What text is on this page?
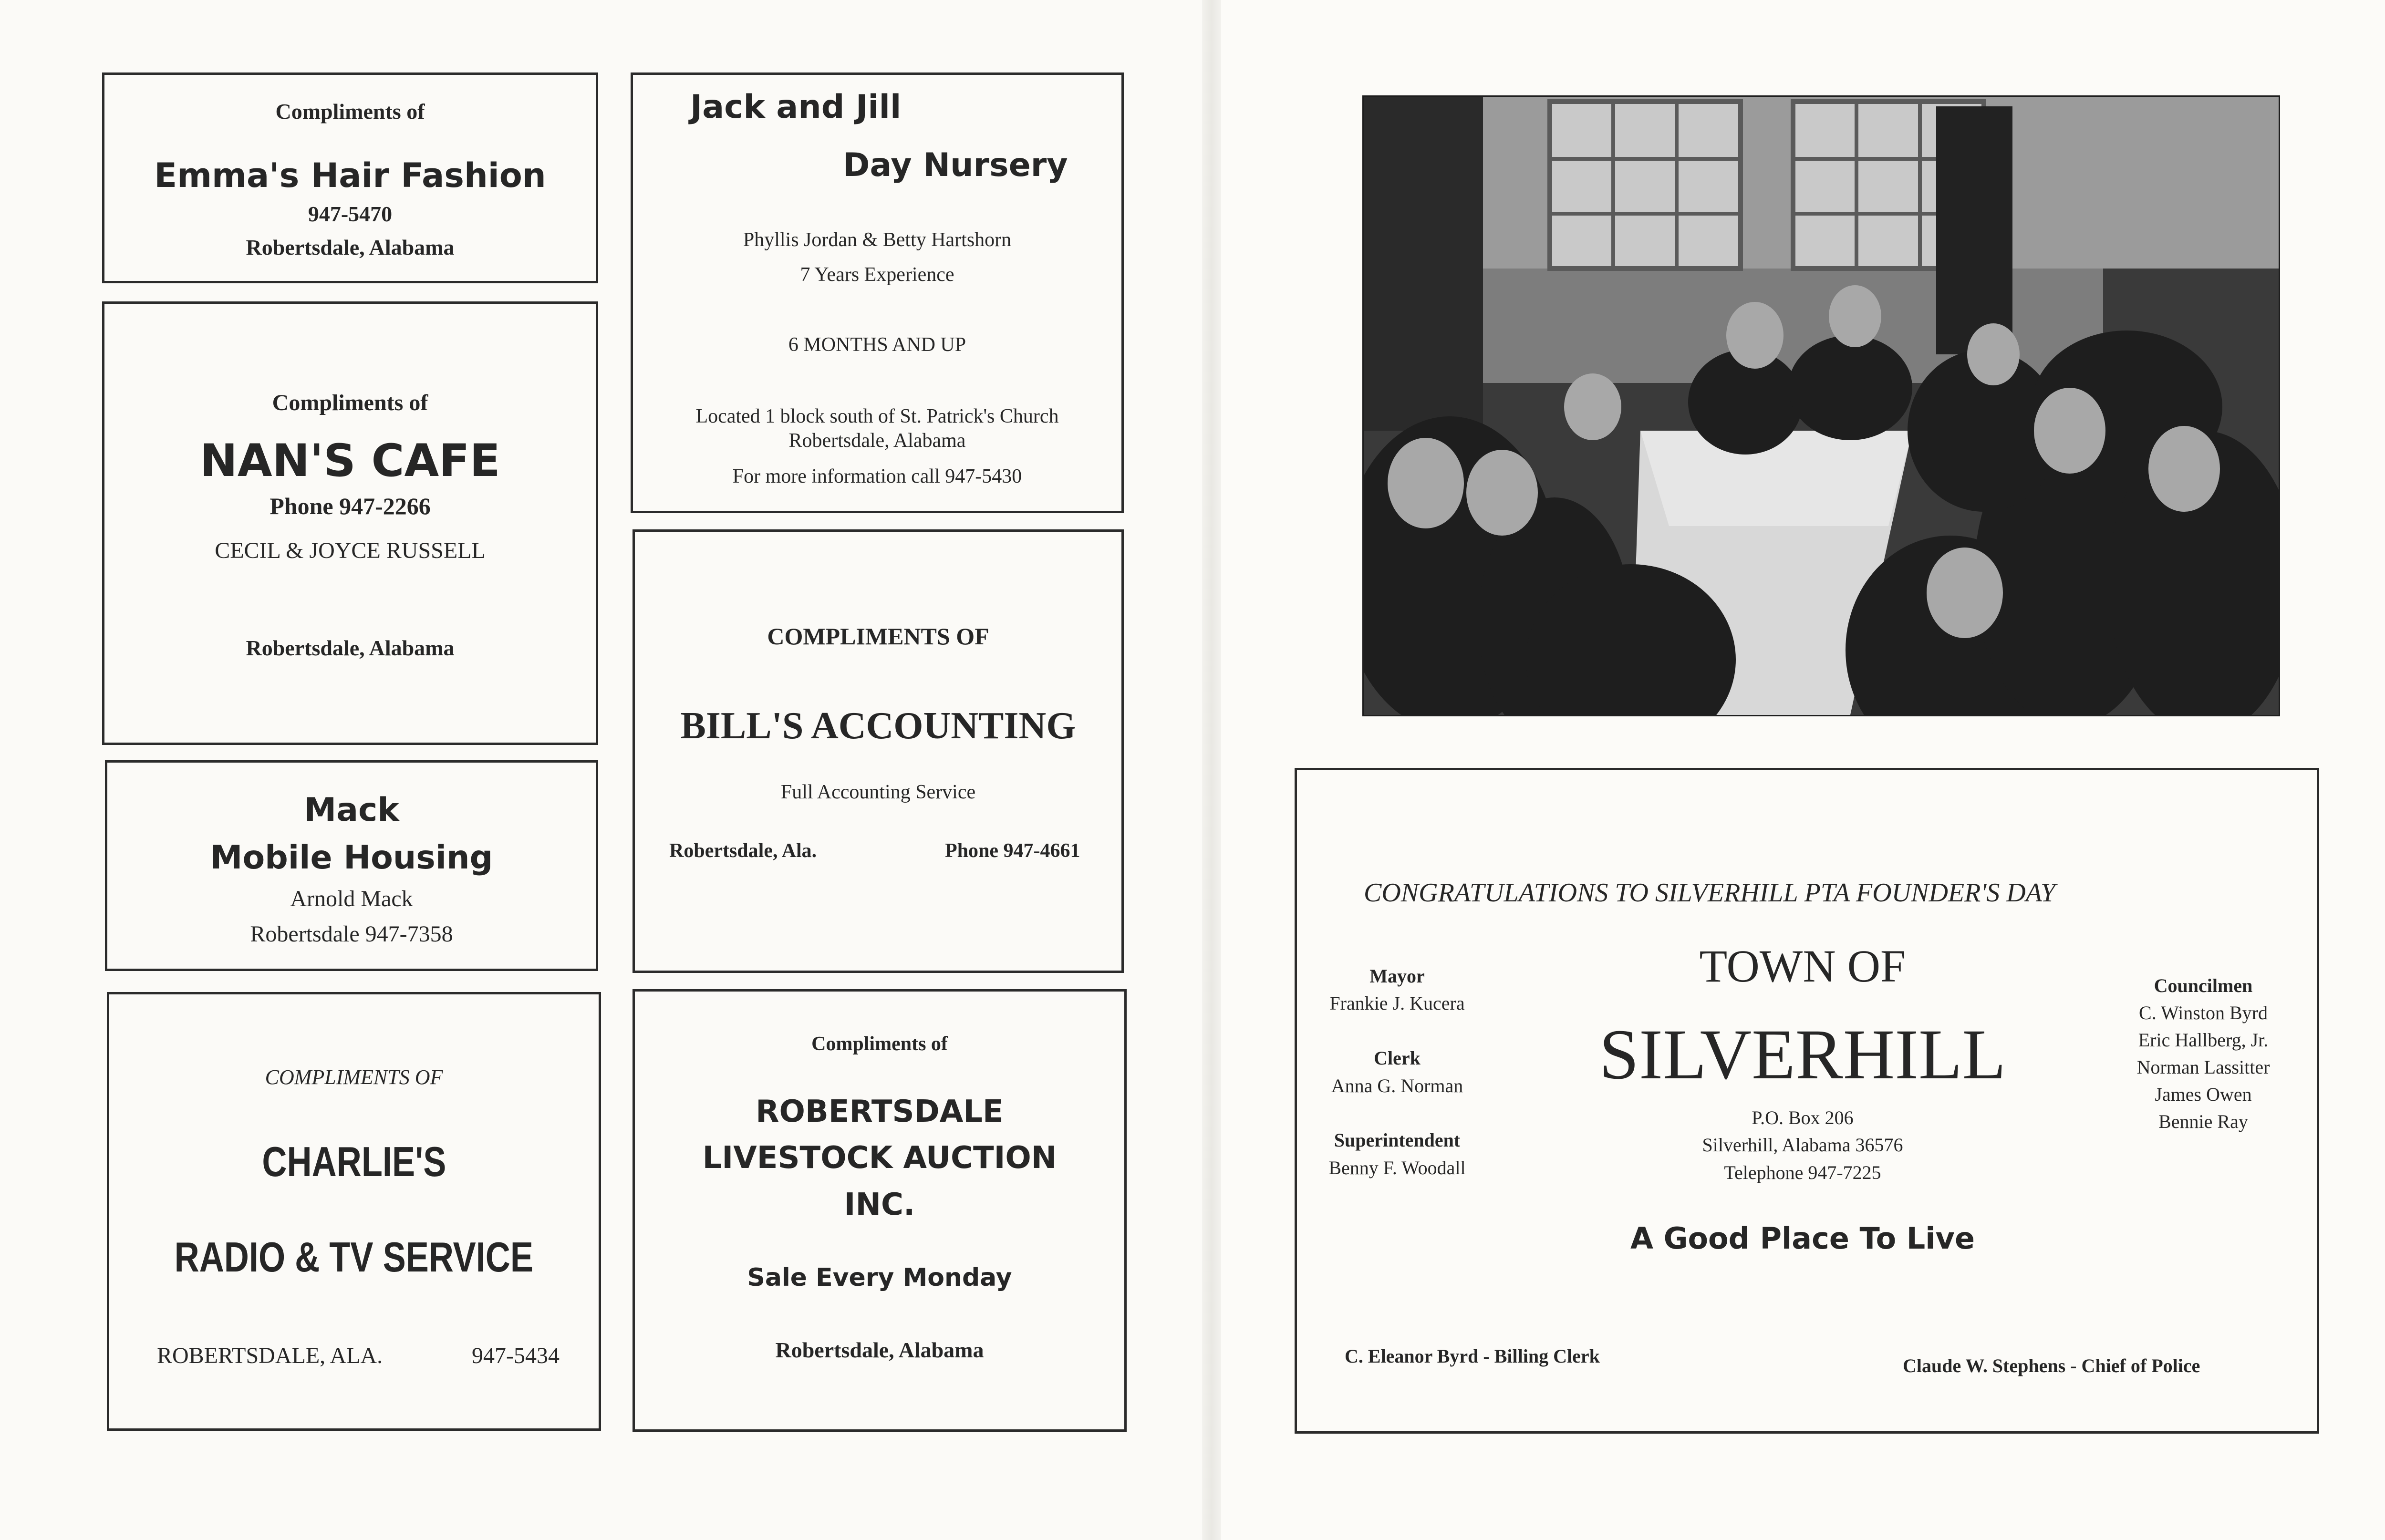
Compliments of
Emma's Hair Fashion
947-5470
Robertsdale, Alabama
Compliments of
NAN'S CAFE
Phone 947-2266
CECIL & JOYCE RUSSELL
Robertsdale, Alabama
Mack
Mobile Housing
Arnold Mack
Robertsdale 947-7358
COMPLIMENTS OF
CHARLIE'S
RADIO & TV SERVICE
ROBERTSDALE, ALA.	947-5434
Jack and Jill
Day Nursery
Phyllis Jordan & Betty Hartshorn
7 Years Experience
6 MONTHS AND UP
Located 1 block south of St. Patrick's Church
Robertsdale, Alabama
For more information call 947-5430
COMPLIMENTS OF
BILL'S ACCOUNTING
Full Accounting Service
Robertsdale, Ala.	Phone 947-4661
Compliments of
ROBERTSDALE
LIVESTOCK AUCTION
INC.
Sale Every Monday
Robertsdale, Alabama
CONGRATULATIONS TO SILVERHILL PTA FOUNDER'S DAY
Mayor
Frankie J. Kucera
Clerk
Anna G. Norman
Superintendent
Benny F. Woodall
TOWN OF
SILVERHILL
P.O. Box 206
Silverhill, Alabama 36576
Telephone 947-7225
Councilmen
C. Winston Byrd
Eric Hallberg, Jr.
Norman Lassitter
James Owen
Bennie Ray
A Good Place To Live
C. Eleanor Byrd - Billing Clerk	Claude W. Stephens - Chief of Police
